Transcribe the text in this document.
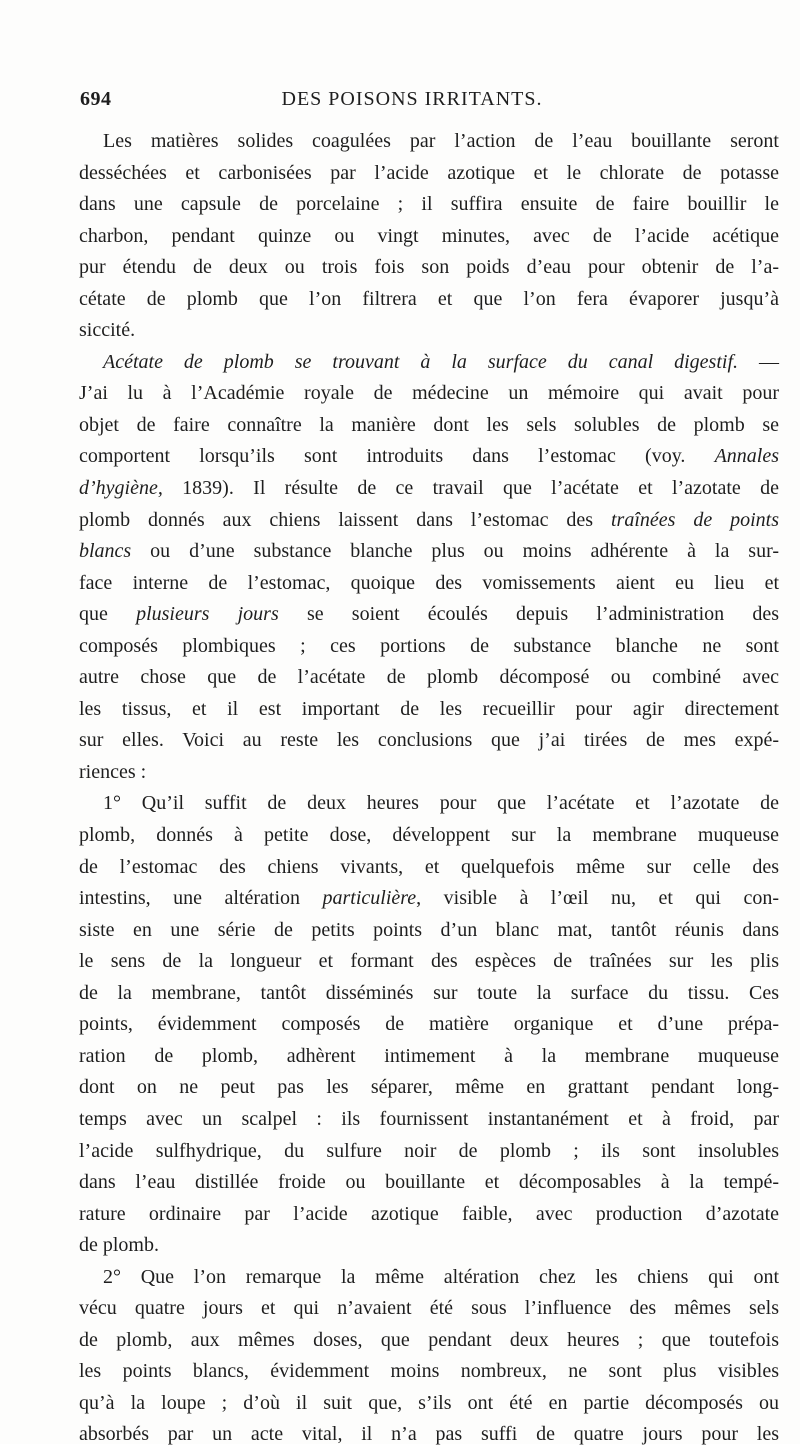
694	DES POISONS IRRITANTS.
Les matières solides coagulées par l’action de l’eau bouillante seront
desséchées et carbonisées par l’acide azotique et le chlorate de potasse
dans une capsule de porcelaine ; il suffira ensuite de faire bouillir le
charbon, pendant quinze ou vingt minutes, avec de l’acide acétique
pur étendu de deux ou trois fois son poids d’eau pour obtenir de l’a-
cétate de plomb que l’on filtrera et que l’on fera évaporer jusqu’à
siccité.
Acétate de plomb se trouvant à la surface du canal digestif. —
J’ai lu à l’Académie royale de médecine un mémoire qui avait pour
objet de faire connaître la manière dont les sels solubles de plomb se
comportent lorsqu’ils sont introduits dans l’estomac (voy. Annales
d’hygiène, 1839). Il résulte de ce travail que l’acétate et l’azotate de
plomb donnés aux chiens laissent dans l’estomac des traînées de points
blancs ou d’une substance blanche plus ou moins adhérente à la sur-
face interne de l’estomac, quoique des vomissements aient eu lieu et
que plusieurs jours se soient écoulés depuis l’administration des
composés plombiques ; ces portions de substance blanche ne sont
autre chose que de l’acétate de plomb décomposé ou combiné avec
les tissus, et il est important de les recueillir pour agir directement
sur elles. Voici au reste les conclusions que j’ai tirées de mes expé-
riences :
1° Qu’il suffit de deux heures pour que l’acétate et l’azotate de
plomb, donnés à petite dose, développent sur la membrane muqueuse
de l’estomac des chiens vivants, et quelquefois même sur celle des
intestins, une altération particulière, visible à l’œil nu, et qui con-
siste en une série de petits points d’un blanc mat, tantôt réunis dans
le sens de la longueur et formant des espèces de traînées sur les plis
de la membrane, tantôt disséminés sur toute la surface du tissu. Ces
points, évidemment composés de matière organique et d’une prépa-
ration de plomb, adhèrent intimement à la membrane muqueuse
dont on ne peut pas les séparer, même en grattant pendant long-
temps avec un scalpel : ils fournissent instantanément et à froid, par
l’acide sulfhydrique, du sulfure noir de plomb ; ils sont insolubles
dans l’eau distillée froide ou bouillante et décomposables à la tempé-
rature ordinaire par l’acide azotique faible, avec production d’azotate
de plomb.
2° Que l’on remarque la même altération chez les chiens qui ont
vécu quatre jours et qui n’avaient été sous l’influence des mêmes sels
de plomb, aux mêmes doses, que pendant deux heures ; que toutefois
les points blancs, évidemment moins nombreux, ne sont plus visibles
qu’à la loupe ; d’où il suit que, s’ils ont été en partie décomposés ou
absorbés par un acte vital, il n’a pas suffi de quatre jours pour les
